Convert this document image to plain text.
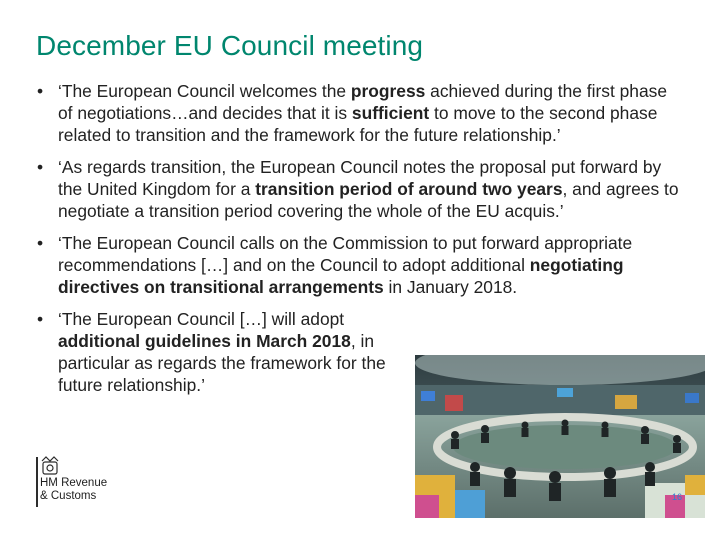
December EU Council meeting
• ‘The European Council welcomes the progress achieved during the first phase of negotiations…and decides that it is sufficient to move to the second phase related to transition and the framework for the future relationship.’
• ‘As regards transition, the European Council notes the proposal put forward by the United Kingdom for a transition period of around two years, and agrees to negotiate a transition period covering the whole of the EU acquis.’
• ‘The European Council calls on the Commission to put forward appropriate recommendations […] and on the Council to adopt additional negotiating directives on transitional arrangements in January 2018.
• ‘The European Council […] will adopt additional guidelines in March 2018, in particular as regards the framework for the future relationship.’
HM Revenue
& Customs	16
